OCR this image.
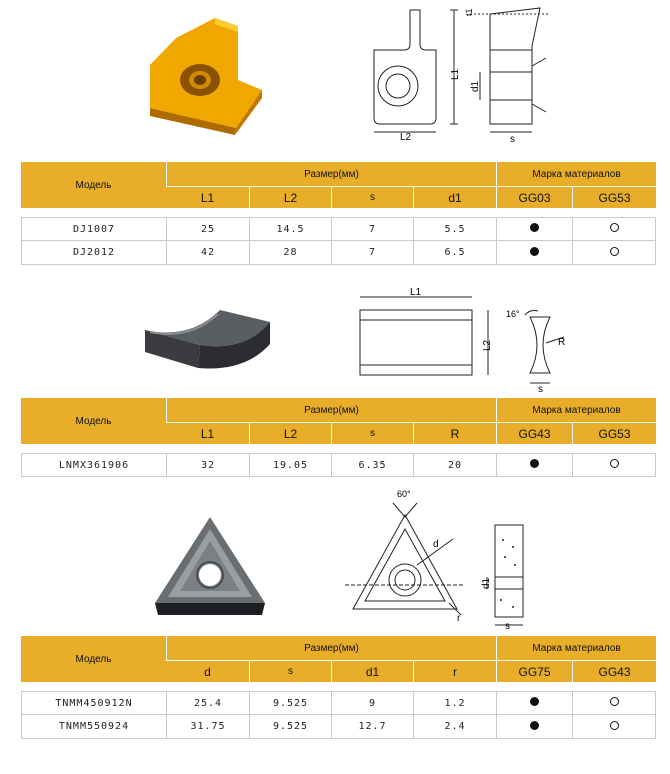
L2
L1
d1
s
t1
Модель	Размер(мм)				Марка материалов	
	L1	L2	s	d1	GG03	GG53

DJ1007	25	14.5	7	5.5		
DJ2012	42	28	7	6.5		
L1
L2
16°
R
s
Модель	Размер(мм)				Марка материалов	
	L1	L2	s	R	GG43	GG53

LNMX361906	32	19.05	6.35	20		
60°
d
r
d1
s
Модель	Размер(мм)				Марка материалов	
	d	s	d1	r	GG75	GG43

TNMM450912N	25.4	9.525	9	1.2		
TNMM550924	31.75	9.525	12.7	2.4		
